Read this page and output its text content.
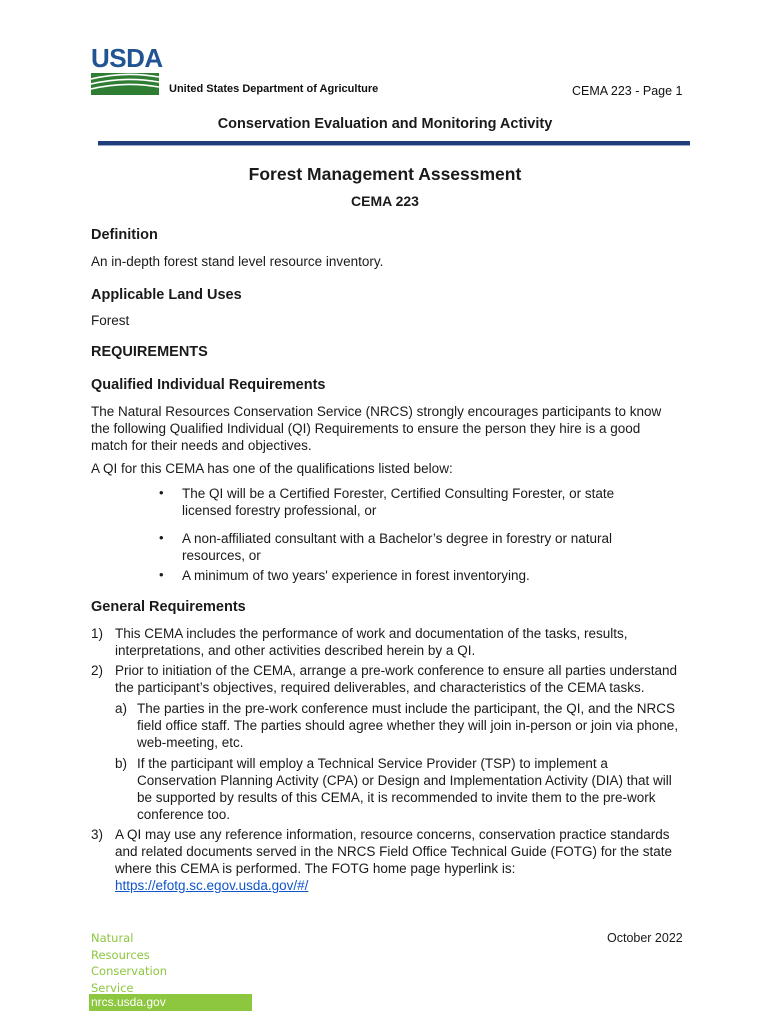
USDA
United States Department of Agriculture	CEMA 223 - Page 1
Conservation Evaluation and Monitoring Activity
Forest Management Assessment
CEMA 223
Definition
An in-depth forest stand level resource inventory.
Applicable Land Uses
Forest
REQUIREMENTS
Qualified Individual Requirements
The Natural Resources Conservation Service (NRCS) strongly encourages participants to know
the following Qualified Individual (QI) Requirements to ensure the person they hire is a good
match for their needs and objectives.
A QI for this CEMA has one of the qualifications listed below:
• The QI will be a Certified Forester, Certified Consulting Forester, or state
licensed forestry professional, or
• A non-affiliated consultant with a Bachelor’s degree in forestry or natural
resources, or
• A minimum of two years' experience in forest inventorying.
General Requirements
1) This CEMA includes the performance of work and documentation of the tasks, results,
interpretations, and other activities described herein by a QI.
2) Prior to initiation of the CEMA, arrange a pre-work conference to ensure all parties understand
the participant’s objectives, required deliverables, and characteristics of the CEMA tasks.
a) The parties in the pre-work conference must include the participant, the QI, and the NRCS
field office staff. The parties should agree whether they will join in-person or join via phone,
web-meeting, etc.
b) If the participant will employ a Technical Service Provider (TSP) to implement a
Conservation Planning Activity (CPA) or Design and Implementation Activity (DIA) that will
be supported by results of this CEMA, it is recommended to invite them to the pre-work
conference too.
3) A QI may use any reference information, resource concerns, conservation practice standards
and related documents served in the NRCS Field Office Technical Guide (FOTG) for the state
where this CEMA is performed. The FOTG home page hyperlink is:
https://efotg.sc.egov.usda.gov/#/
Natural
Resources
Conservation
Service
nrcs.usda.gov
October 2022
